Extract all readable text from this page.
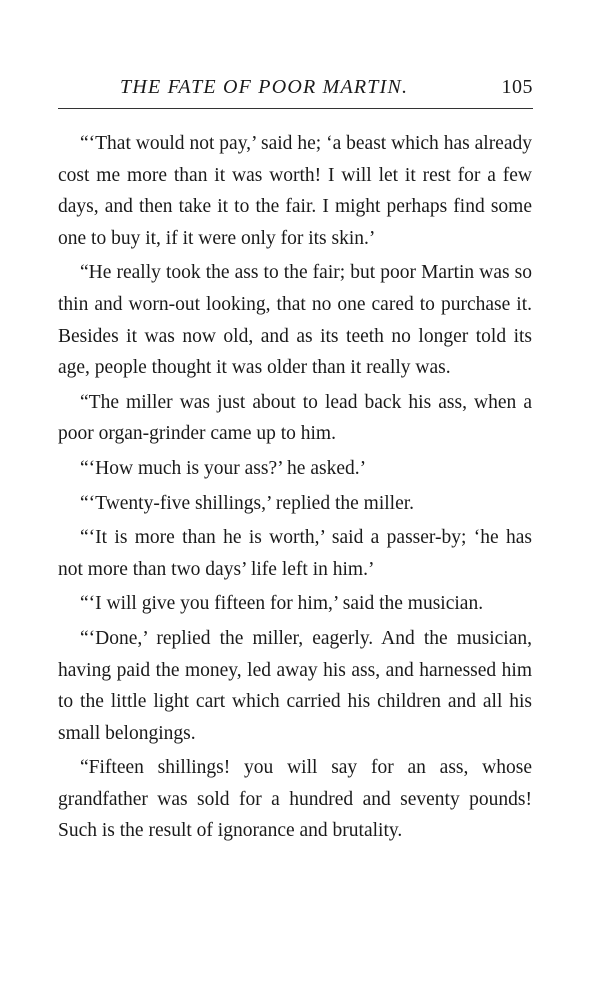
THE FATE OF POOR MARTIN.	105

“‘That would not pay,’ said he; ‘a beast which has already cost me more than it was worth! I will let it rest for a few days, and then take it to the fair. I might perhaps find some one to buy it, if it were only for its skin.’

“He really took the ass to the fair; but poor Martin was so thin and worn-out looking, that no one cared to purchase it. Besides it was now old, and as its teeth no longer told its age, people thought it was older than it really was.

“The miller was just about to lead back his ass, when a poor organ-grinder came up to him.

“‘How much is your ass?’ he asked.’

“‘Twenty-five shillings,’ replied the miller.

“‘It is more than he is worth,’ said a passer-by; ‘he has not more than two days’ life left in him.’

“‘I will give you fifteen for him,’ said the musician.

“‘Done,’ replied the miller, eagerly. And the musician, having paid the money, led away his ass, and harnessed him to the little light cart which carried his children and all his small belongings.

“Fifteen shillings! you will say for an ass, whose grandfather was sold for a hundred and seventy pounds! Such is the result of ignorance and brutality.
